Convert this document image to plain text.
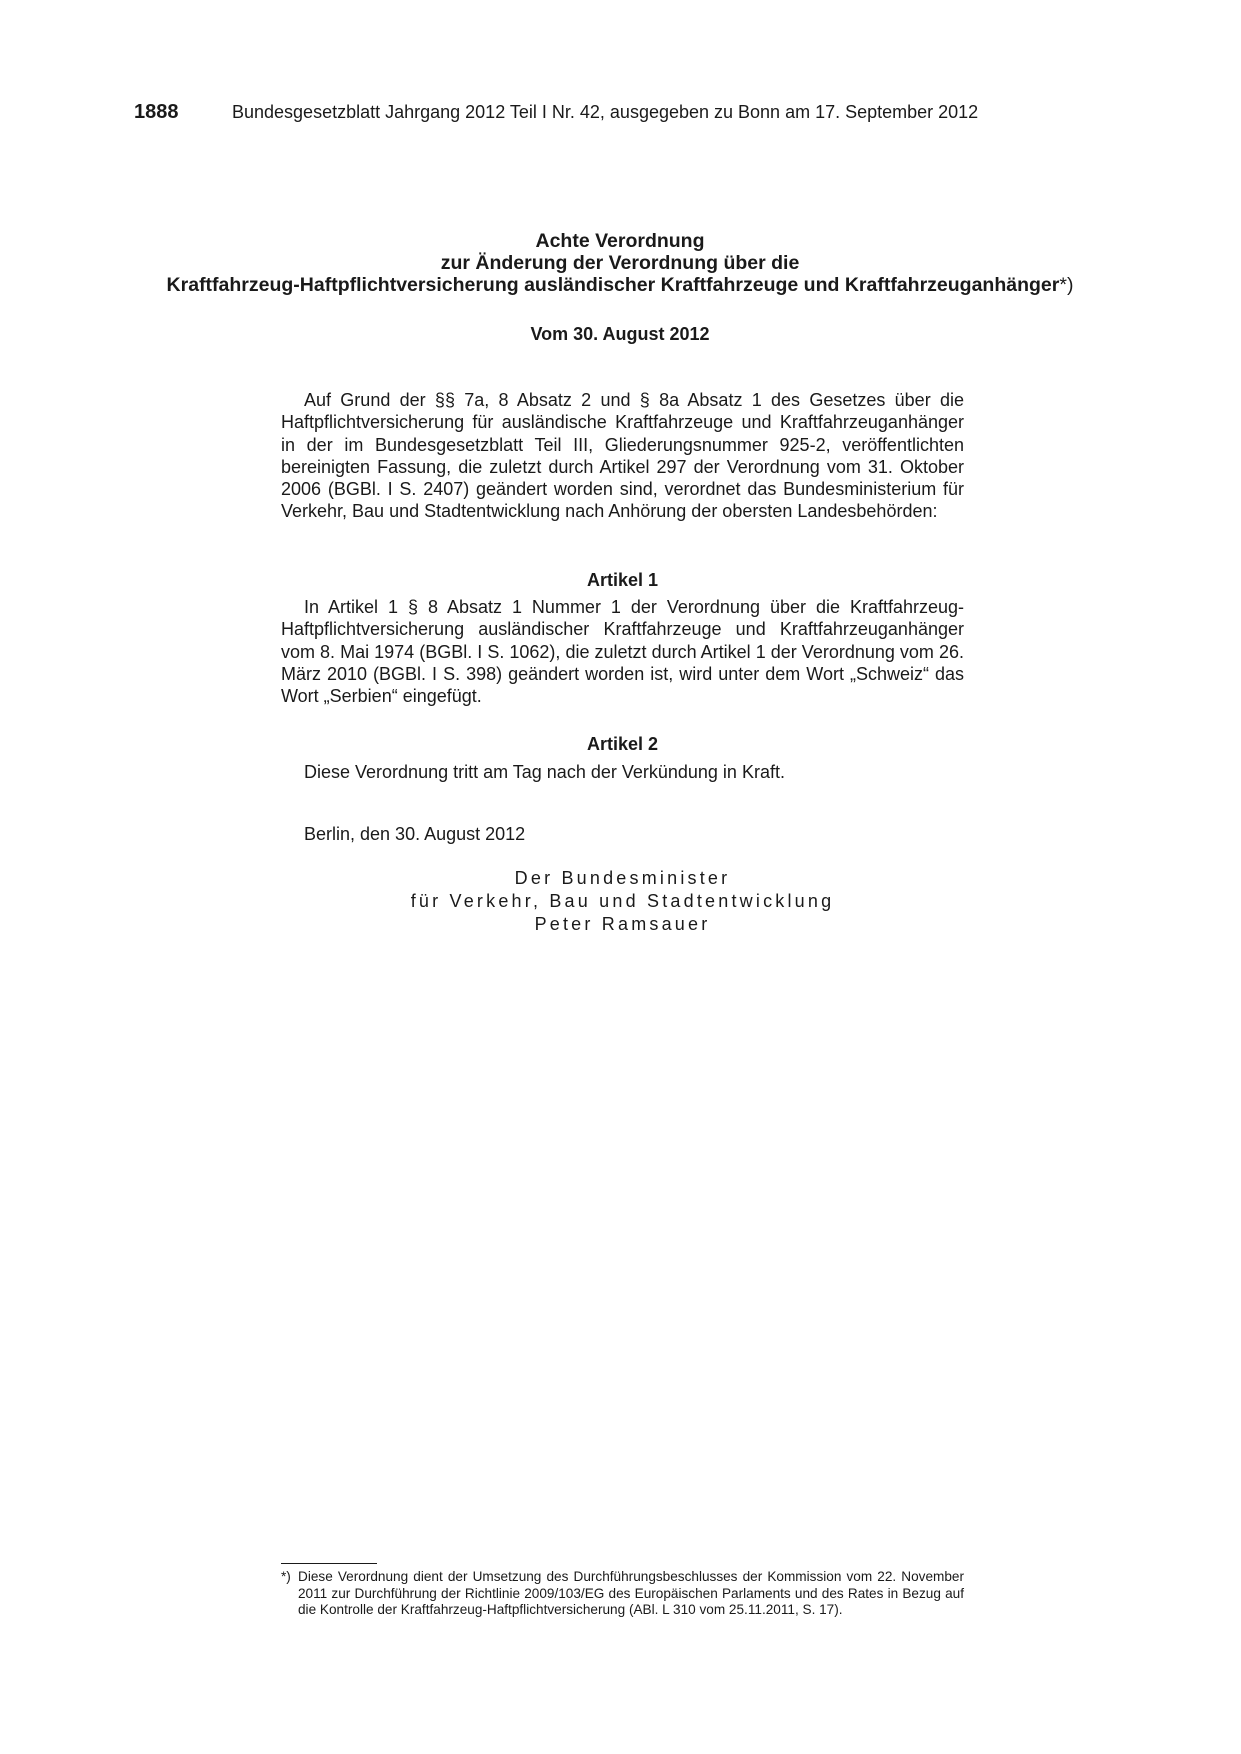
1888	Bundesgesetzblatt Jahrgang 2012 Teil I Nr. 42, ausgegeben zu Bonn am 17. September 2012
Achte Verordnung
zur Änderung der Verordnung über die
Kraftfahrzeug-Haftpflichtversicherung ausländischer Kraftfahrzeuge und Kraftfahrzeuganhänger*)
Vom 30. August 2012
Auf Grund der §§ 7a, 8 Absatz 2 und § 8a Absatz 1 des Gesetzes über die Haftpflichtversicherung für ausländische Kraftfahrzeuge und Kraftfahrzeuganhänger in der im Bundesgesetzblatt Teil III, Gliederungsnummer 925-2, veröffentlichten bereinigten Fassung, die zuletzt durch Artikel 297 der Verordnung vom 31. Oktober 2006 (BGBl. I S. 2407) geändert worden sind, verordnet das Bundesministerium für Verkehr, Bau und Stadtentwicklung nach Anhörung der obersten Landesbehörden:
Artikel 1
In Artikel 1 § 8 Absatz 1 Nummer 1 der Verordnung über die Kraftfahrzeug-Haftpflichtversicherung ausländischer Kraftfahrzeuge und Kraftfahrzeuganhänger vom 8. Mai 1974 (BGBl. I S. 1062), die zuletzt durch Artikel 1 der Verordnung vom 26. März 2010 (BGBl. I S. 398) geändert worden ist, wird unter dem Wort „Schweiz“ das Wort „Serbien“ eingefügt.
Artikel 2
Diese Verordnung tritt am Tag nach der Verkündung in Kraft.
Berlin, den 30. August 2012
Der Bundesminister
für Verkehr, Bau und Stadtentwicklung
Peter Ramsauer
*) Diese Verordnung dient der Umsetzung des Durchführungsbeschlusses der Kommission vom 22. November 2011 zur Durchführung der Richtlinie 2009/103/EG des Europäischen Parlaments und des Rates in Bezug auf die Kontrolle der Kraftfahrzeug-Haftpflichtversicherung (ABl. L 310 vom 25.11.2011, S. 17).
